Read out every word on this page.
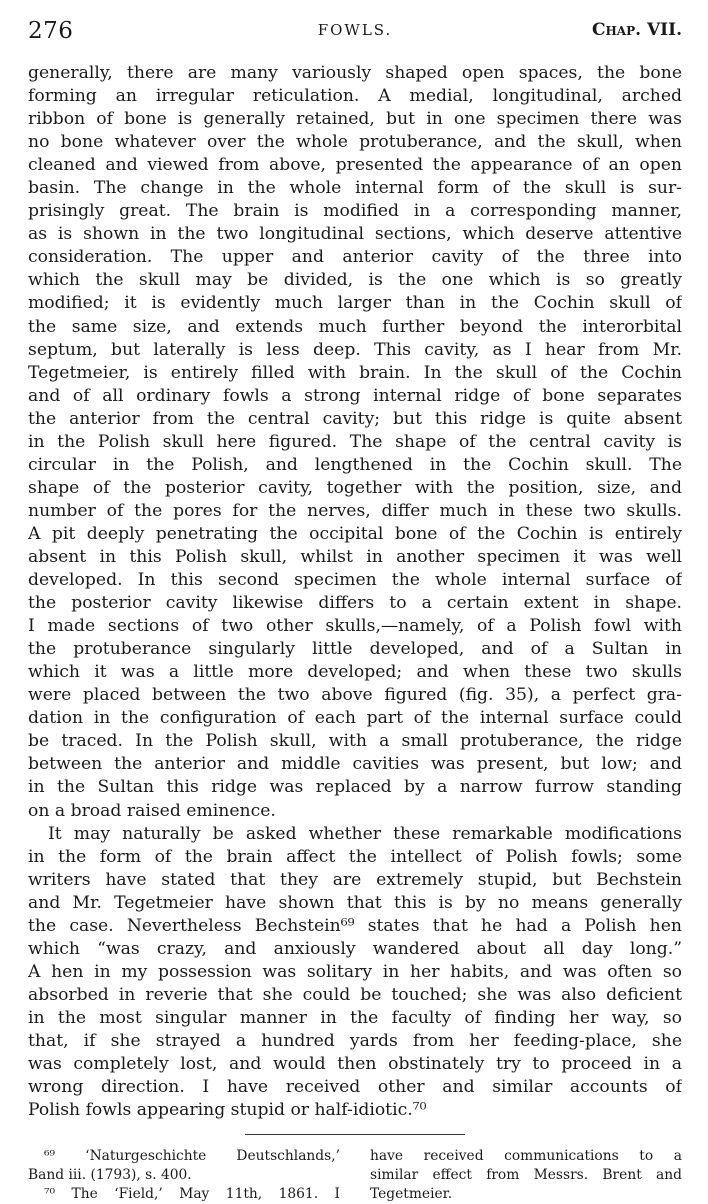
276	FOWLS.	Chap. VII.
generally, there are many variously shaped open spaces, the bone
forming an irregular reticulation. A medial, longitudinal, arched
ribbon of bone is generally retained, but in one specimen there was
no bone whatever over the whole protuberance, and the skull, when
cleaned and viewed from above, presented the appearance of an open
basin. The change in the whole internal form of the skull is sur-
prisingly great. The brain is modified in a corresponding manner,
as is shown in the two longitudinal sections, which deserve attentive
consideration. The upper and anterior cavity of the three into
which the skull may be divided, is the one which is so greatly
modified; it is evidently much larger than in the Cochin skull of
the same size, and extends much further beyond the interorbital
septum, but laterally is less deep. This cavity, as I hear from Mr.
Tegetmeier, is entirely filled with brain. In the skull of the Cochin
and of all ordinary fowls a strong internal ridge of bone separates
the anterior from the central cavity; but this ridge is quite absent
in the Polish skull here figured. The shape of the central cavity is
circular in the Polish, and lengthened in the Cochin skull. The
shape of the posterior cavity, together with the position, size, and
number of the pores for the nerves, differ much in these two skulls.
A pit deeply penetrating the occipital bone of the Cochin is entirely
absent in this Polish skull, whilst in another specimen it was well
developed. In this second specimen the whole internal surface of
the posterior cavity likewise differs to a certain extent in shape.
I made sections of two other skulls,—namely, of a Polish fowl with
the protuberance singularly little developed, and of a Sultan in
which it was a little more developed; and when these two skulls
were placed between the two above figured (fig. 35), a perfect gra-
dation in the configuration of each part of the internal surface could
be traced. In the Polish skull, with a small protuberance, the ridge
between the anterior and middle cavities was present, but low; and
in the Sultan this ridge was replaced by a narrow furrow standing
on a broad raised eminence.
It may naturally be asked whether these remarkable modifications
in the form of the brain affect the intellect of Polish fowls; some
writers have stated that they are extremely stupid, but Bechstein
and Mr. Tegetmeier have shown that this is by no means generally
the case. Nevertheless Bechstein⁶⁹ states that he had a Polish hen
which “was crazy, and anxiously wandered about all day long.”
A hen in my possession was solitary in her habits, and was often so
absorbed in reverie that she could be touched; she was also deficient
in the most singular manner in the faculty of finding her way, so
that, if she strayed a hundred yards from her feeding-place, she
was completely lost, and would then obstinately try to proceed in a
wrong direction. I have received other and similar accounts of
Polish fowls appearing stupid or half-idiotic.⁷⁰
⁶⁹ ‘Naturgeschichte Deutschlands,’
Band iii. (1793), s. 400.
⁷⁰ The ‘Field,’ May 11th, 1861. I
have received communications to a
similar effect from Messrs. Brent and
Tegetmeier.
